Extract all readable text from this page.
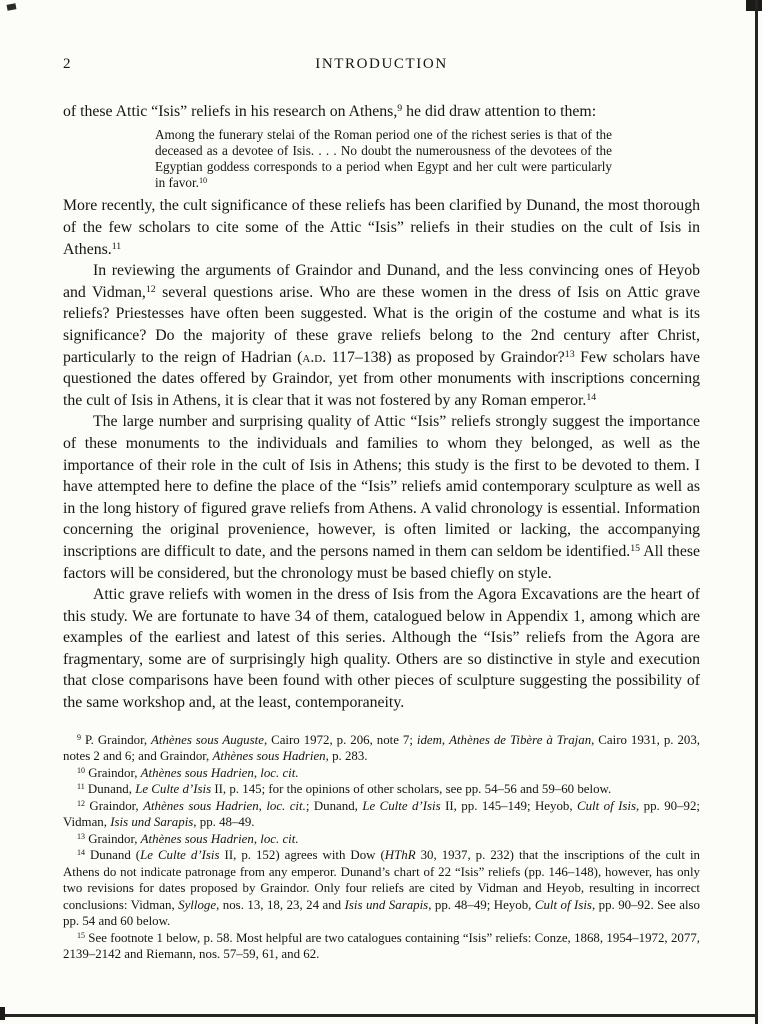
2	INTRODUCTION

of these Attic “Isis” reliefs in his research on Athens,$^9$ he did draw attention to them:

Among the funerary stelai of the Roman period one of the richest series is that of the deceased as a devotee of Isis. . . . No doubt the numerousness of the devotees of the Egyptian goddess corresponds to a period when Egypt and her cult were particularly in favor.$^{10}$

More recently, the cult significance of these reliefs has been clarified by Dunand, the most thorough of the few scholars to cite some of the Attic “Isis” reliefs in their studies on the cult of Isis in Athens.$^{11}$

In reviewing the arguments of Graindor and Dunand, and the less convincing ones of Heyob and Vidman,$^{12}$ several questions arise. Who are these women in the dress of Isis on Attic grave reliefs? Priestesses have often been suggested. What is the origin of the costume and what is its significance? Do the majority of these grave reliefs belong to the 2nd century after Christ, particularly to the reign of Hadrian (a.d. 117–138) as proposed by Graindor?$^{13}$ Few scholars have questioned the dates offered by Graindor, yet from other monuments with inscriptions concerning the cult of Isis in Athens, it is clear that it was not fostered by any Roman emperor.$^{14}$

The large number and surprising quality of Attic “Isis” reliefs strongly suggest the importance of these monuments to the individuals and families to whom they belonged, as well as the importance of their role in the cult of Isis in Athens; this study is the first to be devoted to them. I have attempted here to define the place of the “Isis” reliefs amid contemporary sculpture as well as in the long history of figured grave reliefs from Athens. A valid chronology is essential. Information concerning the original provenience, however, is often limited or lacking, the accompanying inscriptions are difficult to date, and the persons named in them can seldom be identified.$^{15}$ All these factors will be considered, but the chronology must be based chiefly on style.

Attic grave reliefs with women in the dress of Isis from the Agora Excavations are the heart of this study. We are fortunate to have 34 of them, catalogued below in Appendix 1, among which are examples of the earliest and latest of this series. Although the “Isis” reliefs from the Agora are fragmentary, some are of surprisingly high quality. Others are so distinctive in style and execution that close comparisons have been found with other pieces of sculpture suggesting the possibility of the same workshop and, at the least, contemporaneity.

$^9$ P. Graindor, Athènes sous Auguste, Cairo 1972, p. 206, note 7; idem, Athènes de Tibère à Trajan, Cairo 1931, p. 203, notes 2 and 6; and Graindor, Athènes sous Hadrien, p. 283.

$^{10}$ Graindor, Athènes sous Hadrien, loc. cit.

$^{11}$ Dunand, Le Culte d’Isis II, p. 145; for the opinions of other scholars, see pp. 54–56 and 59–60 below.

$^{12}$ Graindor, Athènes sous Hadrien, loc. cit.; Dunand, Le Culte d’Isis II, pp. 145–149; Heyob, Cult of Isis, pp. 90–92; Vidman, Isis und Sarapis, pp. 48–49.

$^{13}$ Graindor, Athènes sous Hadrien, loc. cit.

$^{14}$ Dunand (Le Culte d’Isis II, p. 152) agrees with Dow (HThR 30, 1937, p. 232) that the inscriptions of the cult in Athens do not indicate patronage from any emperor. Dunand’s chart of 22 “Isis” reliefs (pp. 146–148), however, has only two revisions for dates proposed by Graindor. Only four reliefs are cited by Vidman and Heyob, resulting in incorrect conclusions: Vidman, Sylloge, nos. 13, 18, 23, 24 and Isis und Sarapis, pp. 48–49; Heyob, Cult of Isis, pp. 90–92. See also pp. 54 and 60 below.

$^{15}$ See footnote 1 below, p. 58. Most helpful are two catalogues containing “Isis” reliefs: Conze, 1868, 1954–1972, 2077, 2139–2142 and Riemann, nos. 57–59, 61, and 62.
